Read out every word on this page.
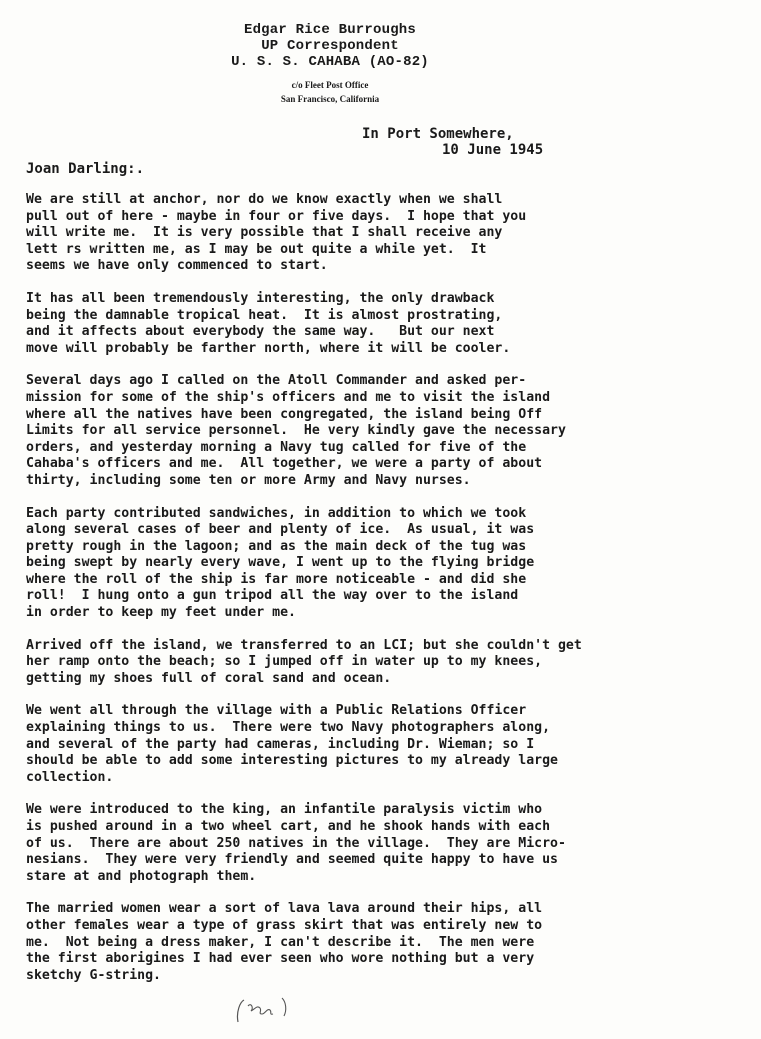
Edgar Rice Burroughs
UP Correspondent
U. S. S. CAHABA (AO-82)
c/o Fleet Post Office
San Francisco, California
In Port Somewhere,
10 June 1945
Joan Darling:.
We are still at anchor, nor do we know exactly when we shall
pull out of here - maybe in four or five days.  I hope that you
will write me.  It is very possible that I shall receive any
lett rs written me, as I may be out quite a while yet.  It
seems we have only commenced to start.
It has all been tremendously interesting, the only drawback
being the damnable tropical heat.  It is almost prostrating,
and it affects about everybody the same way.   But our next
move will probably be farther north, where it will be cooler.
Several days ago I called on the Atoll Commander and asked per-
mission for some of the ship's officers and me to visit the island
where all the natives have been congregated, the island being Off
Limits for all service personnel.  He very kindly gave the necessary
orders, and yesterday morning a Navy tug called for five of the
Cahaba's officers and me.  All together, we were a party of about
thirty, including some ten or more Army and Navy nurses.
Each party contributed sandwiches, in addition to which we took
along several cases of beer and plenty of ice.  As usual, it was
pretty rough in the lagoon; and as the main deck of the tug was
being swept by nearly every wave, I went up to the flying bridge
where the roll of the ship is far more noticeable - and did she
roll!  I hung onto a gun tripod all the way over to the island
in order to keep my feet under me.
Arrived off the island, we transferred to an LCI; but she couldn't get
her ramp onto the beach; so I jumped off in water up to my knees,
getting my shoes full of coral sand and ocean.
We went all through the village with a Public Relations Officer
explaining things to us.  There were two Navy photographers along,
and several of the party had cameras, including Dr. Wieman; so I
should be able to add some interesting pictures to my already large
collection.
We were introduced to the king, an infantile paralysis victim who
is pushed around in a two wheel cart, and he shook hands with each
of us.  There are about 250 natives in the village.  They are Micro-
nesians.  They were very friendly and seemed quite happy to have us
stare at and photograph them.
The married women wear a sort of lava lava around their hips, all
other females wear a type of grass skirt that was entirely new to
me.  Not being a dress maker, I can't describe it.  The men were
the first aborigines I had ever seen who wore nothing but a very
sketchy G-string.
